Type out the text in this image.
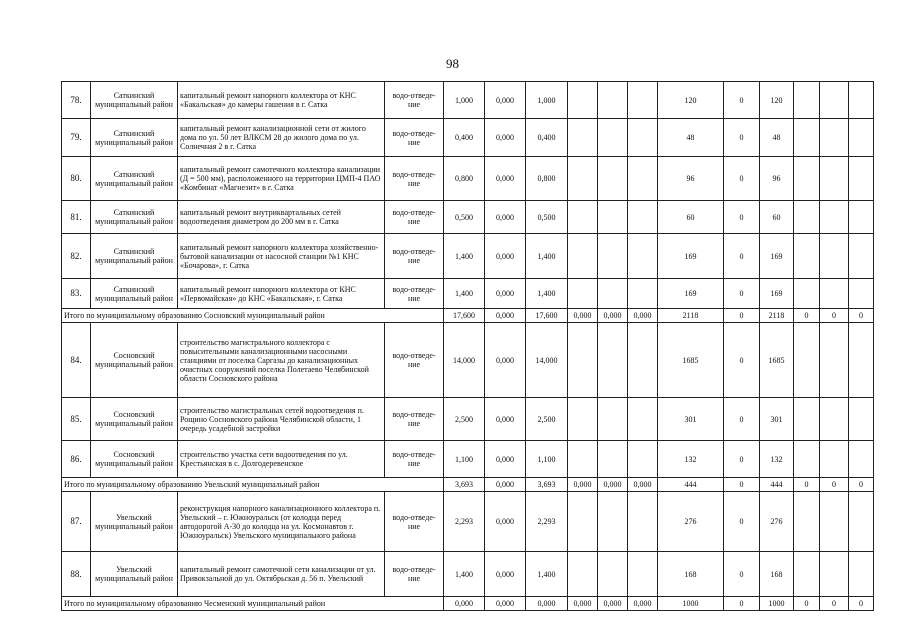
98
78.	Саткинский муниципальный район	капитальный ремонт напорного коллектора от КНС «Бакальская» до камеры гашения в г. Сатка	водо-отведе-ние	1,000	0,000	1,000				120	0	120			
79.	Саткинский муниципальный район	капитальный ремонт канализационной сети от жилого дома по ул. 50 лет ВЛКСМ 28 до жилого дома по ул. Солнечная 2 в г. Сатка	водо-отведе-ние	0,400	0,000	0,400				48	0	48			
80.	Саткинский муниципальный район	капитальный ремонт самотечного коллектора канализации (Д = 500 мм), расположенного на территории ЦМП-4 ПАО «Комбинат «Магнезит» в г. Сатка	водо-отведе-ние	0,800	0,000	0,800				96	0	96			
81.	Саткинский муниципальный район	капитальный ремонт внутриквартальных сетей водоотведения диаметром до 200 мм в г. Сатка	водо-отведе-ние	0,500	0,000	0,500				60	0	60			
82.	Саткинский муниципальный район	капитальный ремонт напорного коллектора хозяйственно-бытовой канализации от насосной станции №1 КНС «Бочарова», г. Сатка	водо-отведе-ние	1,400	0,000	1,400				169	0	169			
83.	Саткинский муниципальный район	капитальный ремонт напорного коллектора от КНС «Первомайская» до КНС «Бакальская», г. Сатка	водо-отведе-ние	1,400	0,000	1,400				169	0	169			
Итого по муниципальному образованию Сосновский муниципальный район				17,600	0,000	17,600	0,000	0,000	0,000	2118	0	2118	0	0	0
84.	Сосновский муниципальный район	строительство магистрального коллектора с повысительными канализационными насосными станциями от поселка Саргазы до канализационных очистных сооружений поселка Полетаево Челябинской области Сосновского района	водо-отведе-ние	14,000	0,000	14,000				1685	0	1685			
85.	Сосновский муниципальный район	строительство магистральных сетей водоотведения п. Рощино Сосновского района Челябинской области, 1 очередь усадебной застройки	водо-отведе-ние	2,500	0,000	2,500				301	0	301			
86.	Сосновский муниципальный район	строительство участка сети водоотведения по ул. Крестьянская в с. Долгодеревенское	водо-отведе-ние	1,100	0,000	1,100				132	0	132			
Итого по муниципальному образованию Увельский муниципальный район				3,693	0,000	3,693	0,000	0,000	0,000	444	0	444	0	0	0
87.	Увельский муниципальный район	реконструкция напорного канализационного коллектора п. Увельский – г. Южноуральск (от колодца перед автодорогой А-30 до колодца на ул. Космонавтов г. Южноуральск) Увельского муниципального района	водо-отведе-ние	2,293	0,000	2,293				276	0	276			
88.	Увельский муниципальный район	капитальный ремонт самотечной сети канализации от ул. Привокзальной до ул. Октябрьская д. 56 п. Увельский	водо-отведе-ние	1,400	0,000	1,400				168	0	168			
Итого по муниципальному образованию Чесменский муниципальный район				0,000	0,000	0,000	0,000	0,000	0,000	1000	0	1000	0	0	0
